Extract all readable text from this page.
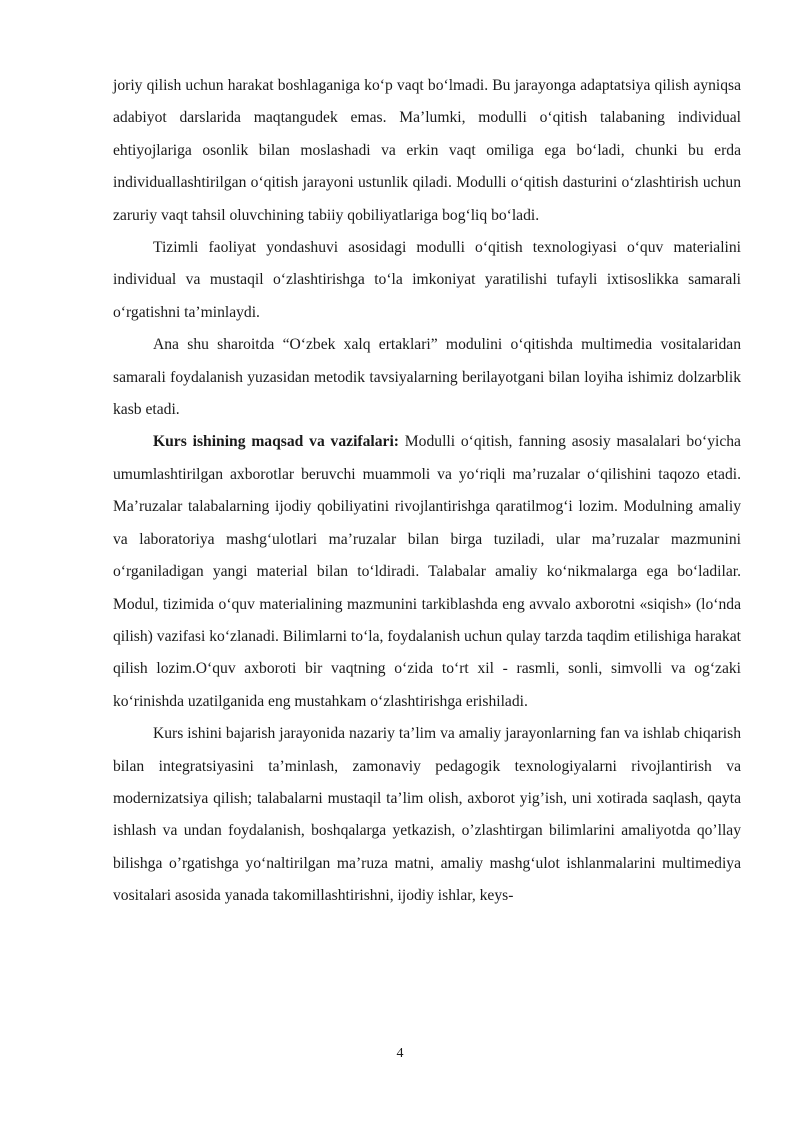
joriy qilish uchun harakat boshlaganiga koʻp vaqt boʻlmadi. Bu jarayonga adaptatsiya qilish ayniqsa adabiyot darslarida maqtangudek emas. Maʼlumki, modulli oʻqitish talabaning individual ehtiyojlariga osonlik bilan moslashadi va erkin vaqt omiliga ega boʻladi, chunki bu erda individuallashtirilgan oʻqitish jarayoni ustunlik qiladi. Modulli oʻqitish dasturini oʻzlashtirish uchun zaruriy vaqt tahsil oluvchining tabiiy qobiliyatlariga bogʻliq boʻladi.

Tizimli faoliyat yondashuvi asosidagi modulli oʻqitish texnologiyasi oʻquv materialini individual va mustaqil oʻzlashtirishga toʻla imkoniyat yaratilishi tufayli ixtisoslikka samarali oʻrgatishni taʼminlaydi.

Ana shu sharoitda “Oʻzbek xalq ertaklari” modulini oʻqitishda multimedia vositalaridan samarali foydalanish yuzasidan metodik tavsiyalarning berilayotgani bilan loyiha ishimiz dolzarblik kasb etadi.

Kurs ishining maqsad va vazifalari: Modulli oʻqitish, fanning asosiy masalalari boʻyicha umumlashtirilgan axborotlar beruvchi muammoli va yoʻriqli maʼruzalar oʻqilishini taqozo etadi. Maʼruzalar talabalarning ijodiy qobiliyatini rivojlantirishga qaratilmogʻi lozim. Modulning amaliy va laboratoriya mashgʻulotlari maʼruzalar bilan birga tuziladi, ular maʼruzalar mazmunini oʻrganiladigan yangi material bilan toʻldiradi. Talabalar amaliy koʻnikmalarga ega boʻladilar. Modul, tizimida oʻquv materialining mazmunini tarkiblashda eng avvalo axborotni «siqish» (loʻnda qilish) vazifasi koʻzlanadi. Bilimlarni toʻla, foydalanish uchun qulay tarzda taqdim etilishiga harakat qilish lozim.Oʻquv axboroti bir vaqtning oʻzida toʻrt xil - rasmli, sonli, simvolli va ogʻzaki koʻrinishda uzatilganida eng mustahkam oʻzlashtirishga erishiladi.

Kurs ishini bajarish jarayonida nazariy taʼlim va amaliy jarayonlarning fan va ishlab chiqarish bilan integratsiyasini taʼminlash, zamonaviy pedagogik texnologiyalarni rivojlantirish va modernizatsiya qilish; talabalarni mustaqil taʼlim olish, axborot yig’ish, uni xotirada saqlash, qayta ishlash va undan foydalanish, boshqalarga yetkazish, o’zlashtirgan bilimlarini amaliyotda qo’llay bilishga o’rgatishga yoʻnaltirilgan maʼruza matni, amaliy mashgʻulot ishlanmalarini multimediya vositalari asosida yanada takomillashtirishni, ijodiy ishlar, keys-

4
